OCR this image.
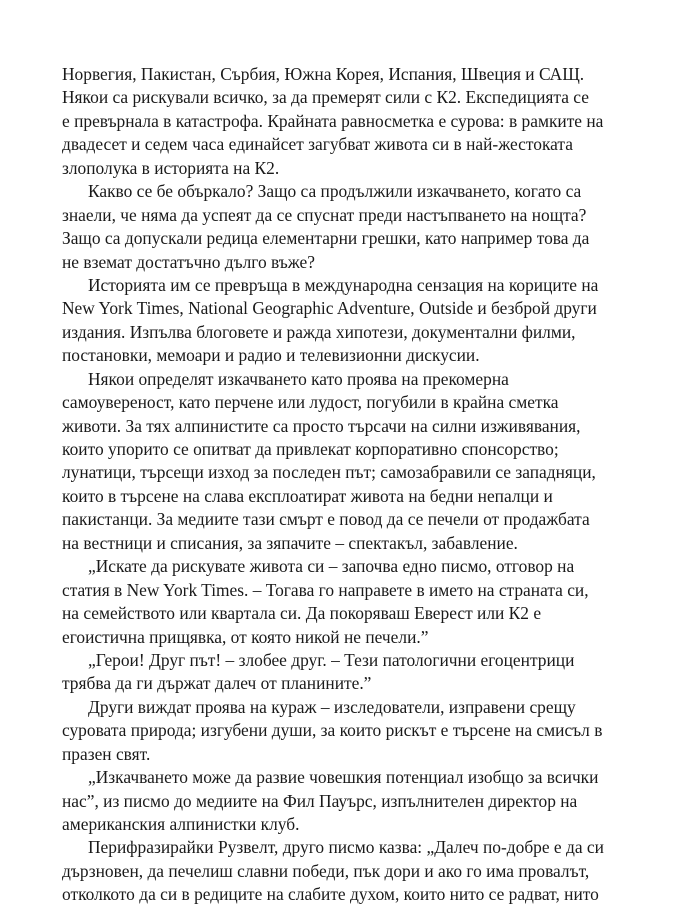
Норвегия, Пакистан, Сърбия, Южна Корея, Испания, Швеция и САЩ.
Някои са рискували всичко, за да премерят сили с К2. Експедицията се
е превърнала в катастрофа. Крайната равносметка е сурова: в рамките на
двадесет и седем часа единайсет загубват живота си в най-жестоката
злополука в историята на К2.
Какво се бе объркало? Защо са продължили изкачването, когато са
знаели, че няма да успеят да се спуснат преди настъпването на нощта?
Защо са допускали редица елементарни грешки, като например това да
не вземат достатъчно дълго въже?
Историята им се превръща в международна сензация на кориците на
New York Times, National Geographic Adventure, Outside и безброй други
издания. Изпълва блоговете и ражда хипотези, документални филми,
постановки, мемоари и радио и телевизионни дискусии.
Някои определят изкачването като проява на прекомерна
самоувереност, като перчене или лудост, погубили в крайна сметка
животи. За тях алпинистите са просто търсачи на силни изживявания,
които упорито се опитват да привлекат корпоративно спонсорство;
лунатици, търсещи изход за последен път; самозабравили се западняци,
които в търсене на слава експлоатират живота на бедни непалци и
пакистанци. За медиите тази смърт е повод да се печели от продажбата
на вестници и списания, за зяпачите – спектакъл, забавление.
„Искате да рискувате живота си – започва едно писмо, отговор на
статия в New York Times. – Тогава го направете в името на страната си,
на семейството или квартала си. Да покоряваш Еверест или К2 е
егоистична прищявка, от която никой не печели.”
„Герои! Друг път! – злобее друг. – Тези патологични егоцентрици
трябва да ги държат далеч от планините.”
Други виждат проява на кураж – изследователи, изправени срещу
суровата природа; изгубени души, за които рискът е търсене на смисъл в
празен свят.
„Изкачването може да развие човешкия потенциал изобщо за всички
нас”, из писмо до медиите на Фил Пауърс, изпълнителен директор на
американския алпинистки клуб.
Перифразирайки Рузвелт, друго писмо казва: „Далеч по-добре е да си
дързновен, да печелиш славни победи, пък дори и ако го има провалът,
отколкото да си в редиците на слабите духом, които нито се радват, нито
